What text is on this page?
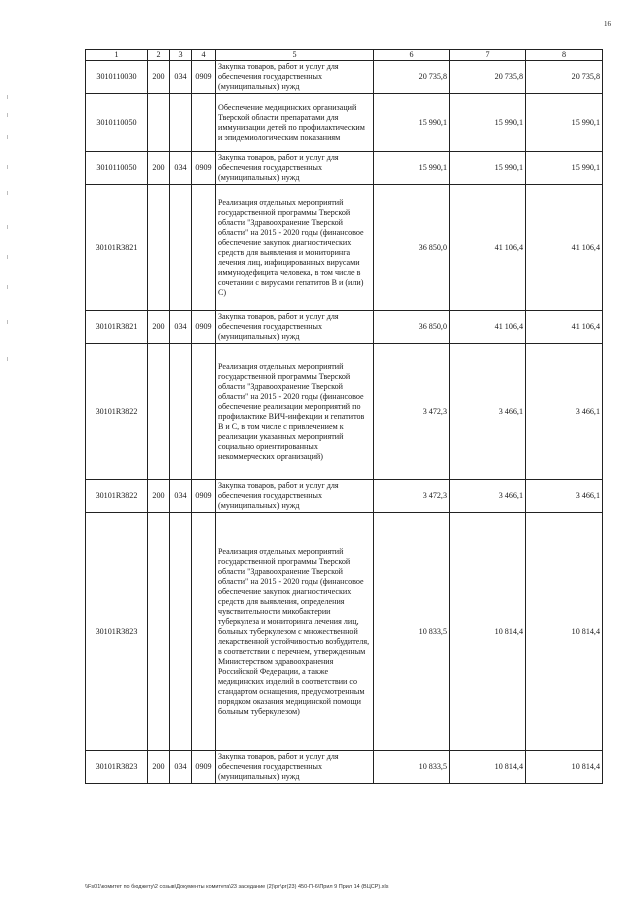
16
1	2	3	4	5	6	7	8
3010110030	200	034	0909	Закупка товаров, работ и услуг для обеспечения государственных (муниципальных) нужд	20 735,8	20 735,8	20 735,8
3010110050				Обеспечение медицинских организаций Тверской области препаратами для иммунизации детей по профилактическим и эпидемиологическим показаниям	15 990,1	15 990,1	15 990,1
3010110050	200	034	0909	Закупка товаров, работ и услуг для обеспечения государственных (муниципальных) нужд	15 990,1	15 990,1	15 990,1
30101R3821				Реализация отдельных мероприятий государственной программы Тверской области "Здравоохранение Тверской области" на 2015 - 2020 годы (финансовое обеспечение закупок диагностических средств для выявления и мониторинга лечения лиц, инфицированных вирусами иммунодефицита человека, в том числе в сочетании с вирусами гепатитов В и (или) С)	36 850,0	41 106,4	41 106,4
30101R3821	200	034	0909	Закупка товаров, работ и услуг для обеспечения государственных (муниципальных) нужд	36 850,0	41 106,4	41 106,4
30101R3822				Реализация отдельных мероприятий государственной программы Тверской области "Здравоохранение Тверской области" на 2015 - 2020 годы (финансовое обеспечение реализации мероприятий по профилактике ВИЧ-инфекции и гепатитов В и С, в том числе с привлечением к реализации указанных мероприятий социально ориентированных некоммерческих организаций)	3 472,3	3 466,1	3 466,1
30101R3822	200	034	0909	Закупка товаров, работ и услуг для обеспечения государственных (муниципальных) нужд	3 472,3	3 466,1	3 466,1
30101R3823				Реализация отдельных мероприятий государственной программы Тверской области "Здравоохранение Тверской области" на 2015 - 2020 годы (финансовое обеспечение закупок диагностических средств для выявления, определения чувствительности микобактерии туберкулеза и мониторинга лечения лиц, больных туберкулезом с множественной лекарственной устойчивостью возбудителя, в соответствии с перечнем, утвержденным Министерством здравоохранения Российской Федерации, а также медицинских изделий в соответствии со стандартом оснащения, предусмотренным порядком оказания медицинской помощи больным туберкулезом)	10 833,5	10 814,4	10 814,4
30101R3823	200	034	0909	Закупка товаров, работ и услуг для обеспечения государственных (муниципальных) нужд	10 833,5	10 814,4	10 814,4
\\Fs01\комитет по бюджету\2 созыв\Документы комитета\23 заседание (2)\рг\рг(23) 450-П-6\Прил 9 Прил 14 (ВЦСР).xls
